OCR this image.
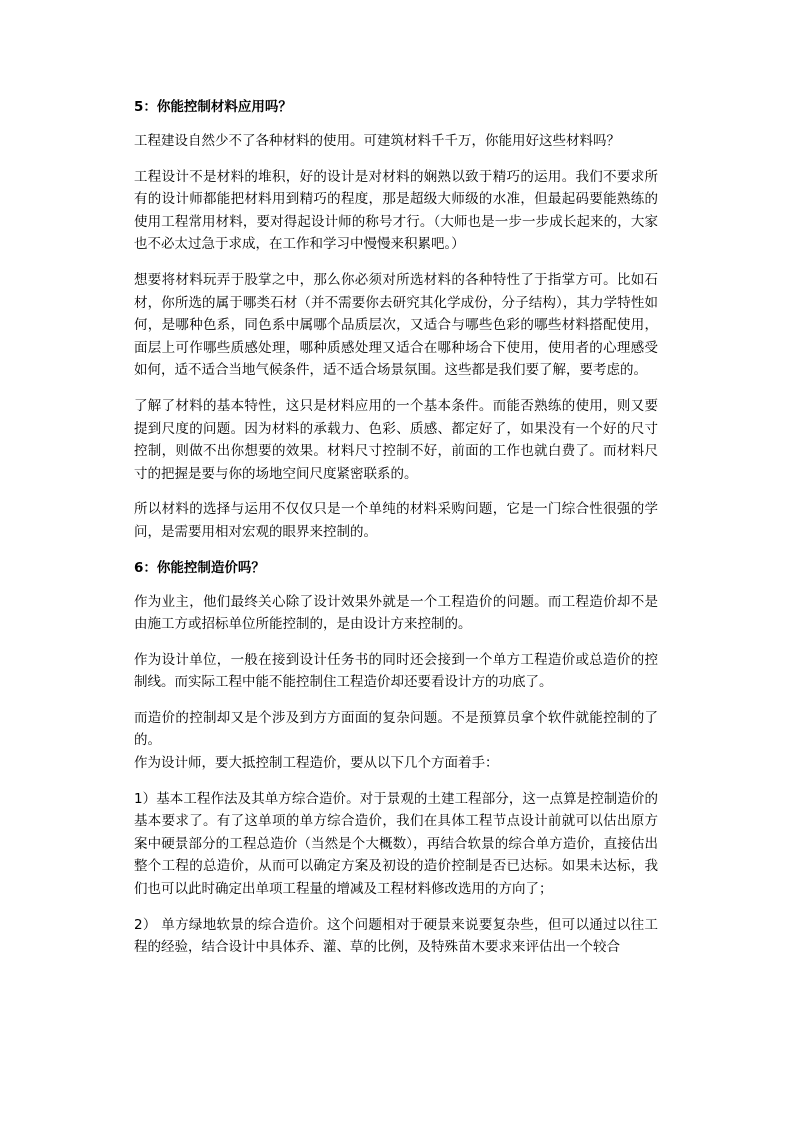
5：你能控制材料应用吗？

工程建设自然少不了各种材料的使用。可建筑材料千千万，你能用好这些材料吗？

工程设计不是材料的堆积，好的设计是对材料的娴熟以致于精巧的运用。我们不要求所有的设计师都能把材料用到精巧的程度，那是超级大师级的水准，但最起码要能熟练的使用工程常用材料，要对得起设计师的称号才行。（大师也是一步一步成长起来的，大家也不必太过急于求成，在工作和学习中慢慢来积累吧。）

想要将材料玩弄于股掌之中，那么你必须对所选材料的各种特性了于指掌方可。比如石材，你所选的属于哪类石材（并不需要你去研究其化学成份，分子结构），其力学特性如何，是哪种色系，同色系中属哪个品质层次，又适合与哪些色彩的哪些材料搭配使用，面层上可作哪些质感处理，哪种质感处理又适合在哪种场合下使用，使用者的心理感受如何，适不适合当地气候条件，适不适合场景氛围。这些都是我们要了解，要考虑的。

了解了材料的基本特性，这只是材料应用的一个基本条件。而能否熟练的使用，则又要提到尺度的问题。因为材料的承载力、色彩、质感、都定好了，如果没有一个好的尺寸控制，则做不出你想要的效果。材料尺寸控制不好，前面的工作也就白费了。而材料尺寸的把握是要与你的场地空间尺度紧密联系的。

所以材料的选择与运用不仅仅只是一个单纯的材料采购问题，它是一门综合性很强的学问，是需要用相对宏观的眼界来控制的。

6：你能控制造价吗？

作为业主，他们最终关心除了设计效果外就是一个工程造价的问题。而工程造价却不是由施工方或招标单位所能控制的，是由设计方来控制的。

作为设计单位，一般在接到设计任务书的同时还会接到一个单方工程造价或总造价的控制线。而实际工程中能不能控制住工程造价却还要看设计方的功底了。

而造价的控制却又是个涉及到方方面面的复杂问题。不是预算员拿个软件就能控制的了的。

作为设计师，要大抵控制工程造价，要从以下几个方面着手：

1）基本工程作法及其单方综合造价。对于景观的土建工程部分，这一点算是控制造价的基本要求了。有了这单项的单方综合造价，我们在具体工程节点设计前就可以估出原方案中硬景部分的工程总造价（当然是个大概数），再结合软景的综合单方造价，直接估出整个工程的总造价，从而可以确定方案及初设的造价控制是否已达标。如果未达标，我们也可以此时确定出单项工程量的增减及工程材料修改选用的方向了；

2） 单方绿地软景的综合造价。这个问题相对于硬景来说要复杂些，但可以通过以往工程的经验，结合设计中具体乔、灌、草的比例，及特殊苗木要求来评估出一个较合
